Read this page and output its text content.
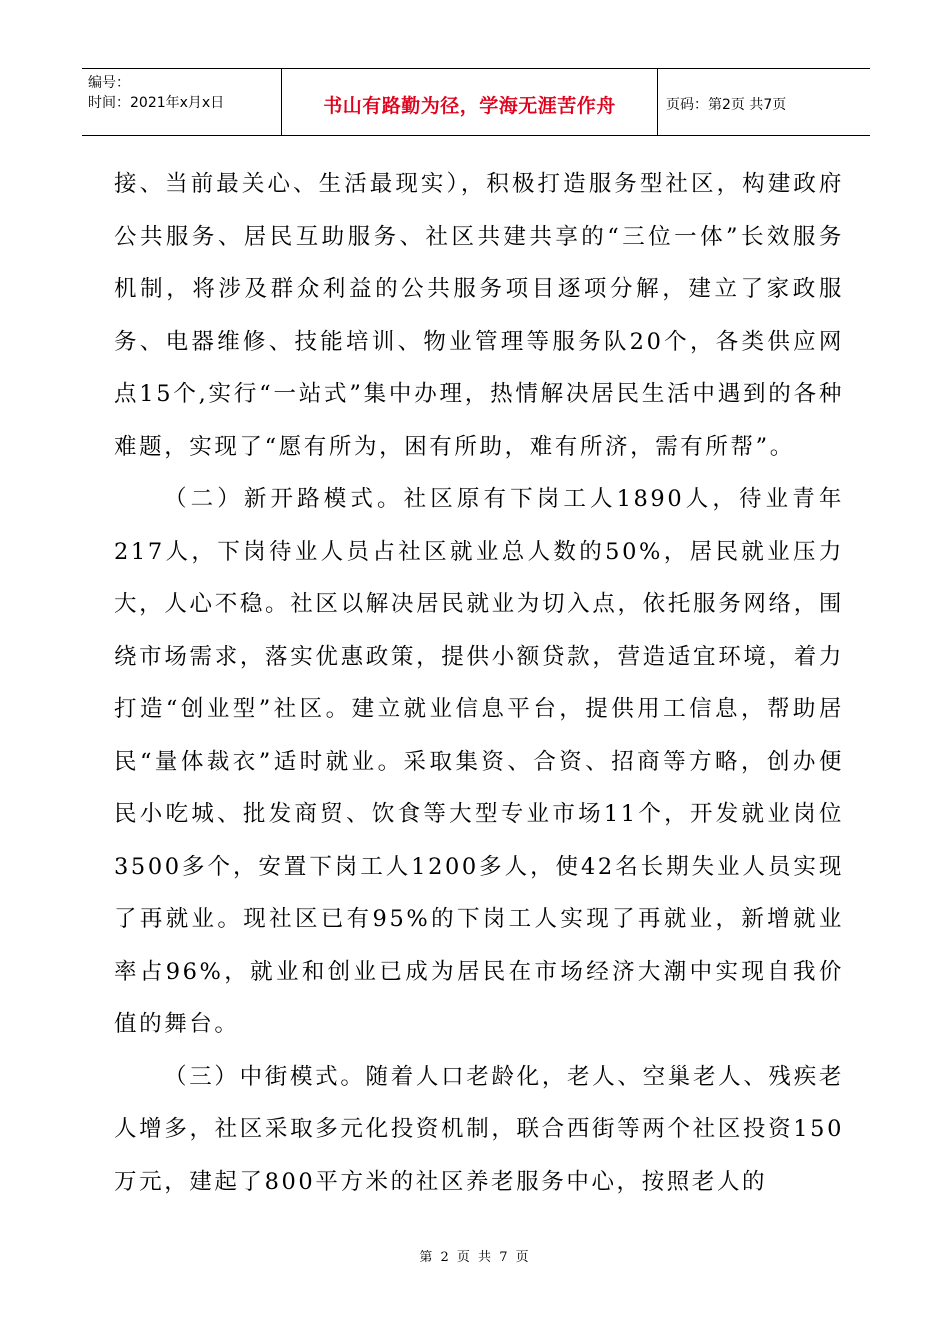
编号：
时间：2021年x月x日	书山有路勤为径，学海无涯苦作舟	页码：第2页 共7页

接、当前最关心、生活最现实），积极打造服务型社区，构建政府公共服务、居民互助服务、社区共建共享的“三位一体”长效服务机制，将涉及群众利益的公共服务项目逐项分解，建立了家政服务、电器维修、技能培训、物业管理等服务队20个，各类供应网点15个,实行“一站式”集中办理，热情解决居民生活中遇到的各种难题，实现了“愿有所为，困有所助，难有所济，需有所帮”。

（二）新开路模式。社区原有下岗工人1890人，待业青年217人，下岗待业人员占社区就业总人数的50%，居民就业压力大，人心不稳。社区以解决居民就业为切入点，依托服务网络，围绕市场需求，落实优惠政策，提供小额贷款，营造适宜环境，着力打造“创业型”社区。建立就业信息平台，提供用工信息，帮助居民“量体裁衣”适时就业。采取集资、合资、招商等方略，创办便民小吃城、批发商贸、饮食等大型专业市场11个，开发就业岗位3500多个，安置下岗工人1200多人，使42名长期失业人员实现了再就业。现社区已有95%的下岗工人实现了再就业，新增就业率占96%，就业和创业已成为居民在市场经济大潮中实现自我价值的舞台。

（三）中街模式。随着人口老龄化，老人、空巢老人、残疾老人增多，社区采取多元化投资机制，联合西街等两个社区投资150万元，建起了800平方米的社区养老服务中心，按照老人的

第 2 页 共 7 页
